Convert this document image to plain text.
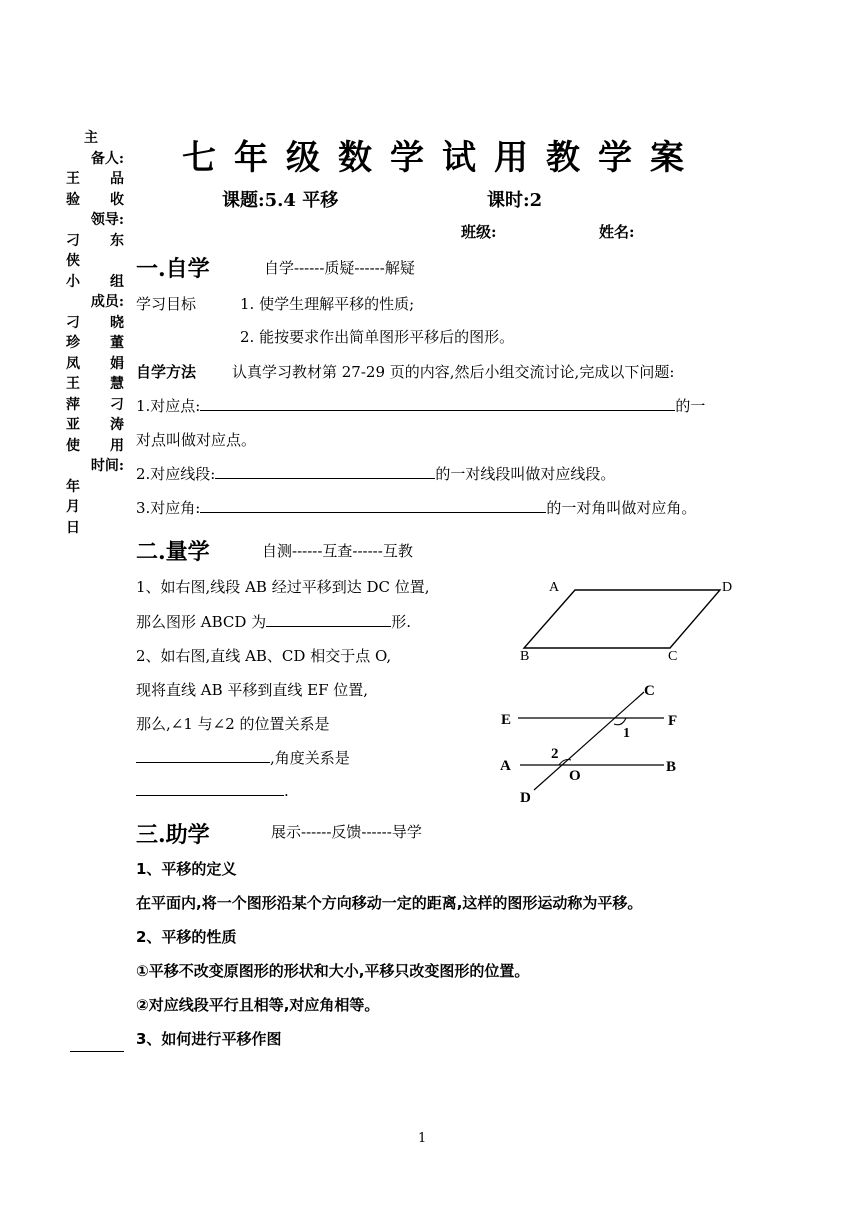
主
备人:
王 品
验 收
领导:
刁 东
侠
小 组
成员:
刁 晓
珍 董
凤 娟
王 慧
萍 刁
亚 涛
使 用
时间:
年
月
日
七年级数学试用教学案
课题:5.4 平移	课时:2
班级:	姓名:
一.自学	自学------质疑------解疑
学习目标	1. 使学生理解平移的性质;
2. 能按要求作出简单图形平移后的图形。
自学方法 认真学习教材第 27-29 页的内容,然后小组交流讨论,完成以下问题:
1.对应点:	的一
对点叫做对应点。
2.对应线段:	的一对线段叫做对应线段。
3.对应角:	的一对角叫做对应角。
二.量学	自测------互查------互教
1、如右图,线段 AB 经过平移到达 DC 位置,
那么图形 ABCD 为	形.
2、如右图,直线 AB、CD 相交于点 O,
现将直线 AB 平移到直线 EF 位置,
那么,∠1 与∠2 的位置关系是
,角度关系是
.
A	D
B	C
C
E	F
1
2
A	B
O
D
三.助学	展示------反馈------导学
1、平移的定义
在平面内,将一个图形沿某个方向移动一定的距离,这样的图形运动称为平移。
2、平移的性质
①平移不改变原图形的形状和大小,平移只改变图形的位置。
②对应线段平行且相等,对应角相等。
3、如何进行平移作图
1
